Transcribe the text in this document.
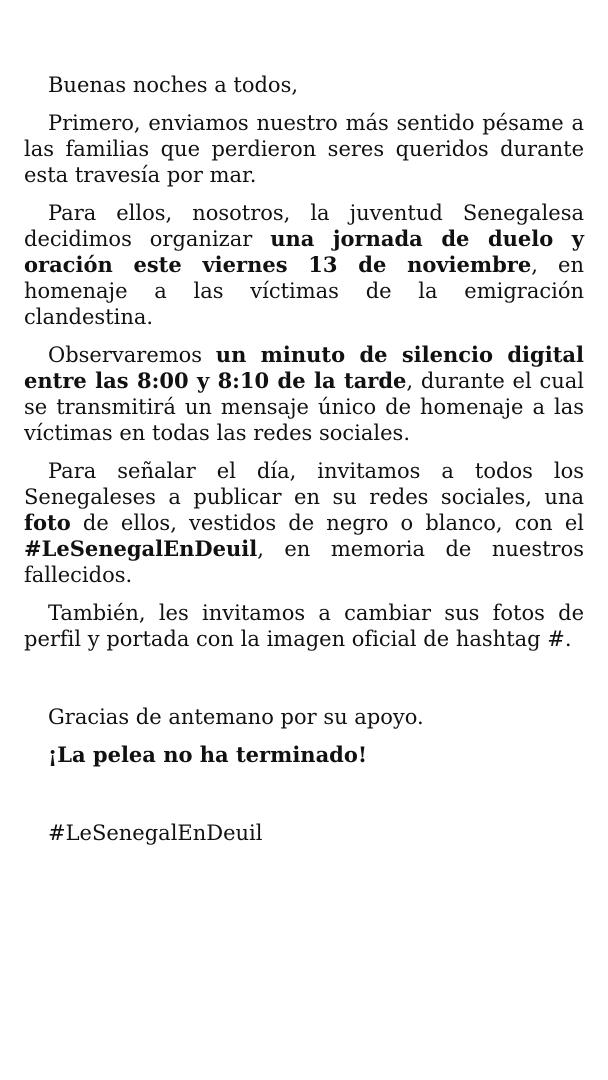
Buenas noches a todos,

Primero, enviamos nuestro más sentido pésame a las familias que perdieron seres queridos durante esta travesía por mar.

Para ellos, nosotros, la juventud Senegalesa decidimos organizar una jornada de duelo y oración este viernes 13 de noviembre, en homenaje a las víctimas de la emigración clandestina.

Observaremos un minuto de silencio digital entre las 8:00 y 8:10 de la tarde, durante el cual se transmitirá un mensaje único de homenaje a las víctimas en todas las redes sociales.

Para señalar el día, invitamos a todos los Senegaleses a publicar en su redes sociales, una foto de ellos, vestidos de negro o blanco, con el #LeSenegalEnDeuil, en memoria de nuestros fallecidos.

También, les invitamos a cambiar sus fotos de perfil y portada con la imagen oficial de hashtag #.

Gracias de antemano por su apoyo.

¡La pelea no ha terminado!

#LeSenegalEnDeuil
